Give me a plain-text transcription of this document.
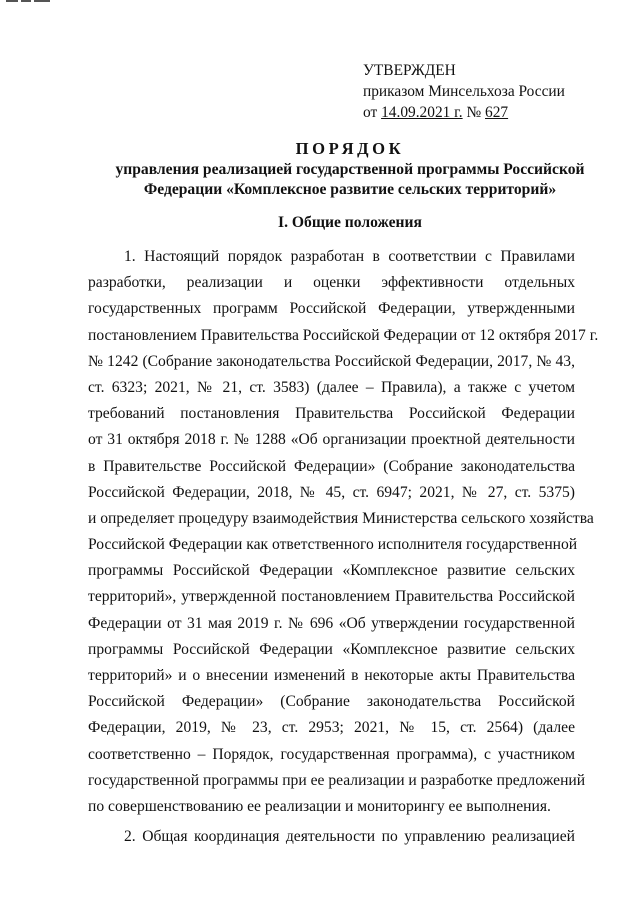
УТВЕРЖДЕН
приказом Минсельхоза России
от 14.09.2021 г. № 627
ПОРЯДОК
управления реализацией государственной программы Российской
Федерации «Комплексное развитие сельских территорий»
I. Общие положения
1. Настоящий порядок разработан в соответствии с Правилами
разработки, реализации и оценки эффективности отдельных
государственных программ Российской Федерации, утвержденными
постановлением Правительства Российской Федерации от 12 октября 2017 г.
№ 1242 (Собрание законодательства Российской Федерации, 2017, № 43,
ст. 6323; 2021, № 21, ст. 3583) (далее – Правила), а также с учетом
требований постановления Правительства Российской Федерации
от 31 октября 2018 г. № 1288 «Об организации проектной деятельности
в Правительстве Российской Федерации» (Собрание законодательства
Российской Федерации, 2018, № 45, ст. 6947; 2021, № 27, ст. 5375)
и определяет процедуру взаимодействия Министерства сельского хозяйства
Российской Федерации как ответственного исполнителя государственной
программы Российской Федерации «Комплексное развитие сельских
территорий», утвержденной постановлением Правительства Российской
Федерации от 31 мая 2019 г. № 696 «Об утверждении государственной
программы Российской Федерации «Комплексное развитие сельских
территорий» и о внесении изменений в некоторые акты Правительства
Российской Федерации» (Собрание законодательства Российской
Федерации, 2019, № 23, ст. 2953; 2021, № 15, ст. 2564) (далее
соответственно – Порядок, государственная программа), с участником
государственной программы при ее реализации и разработке предложений
по совершенствованию ее реализации и мониторингу ее выполнения.
2. Общая координация деятельности по управлению реализацией
